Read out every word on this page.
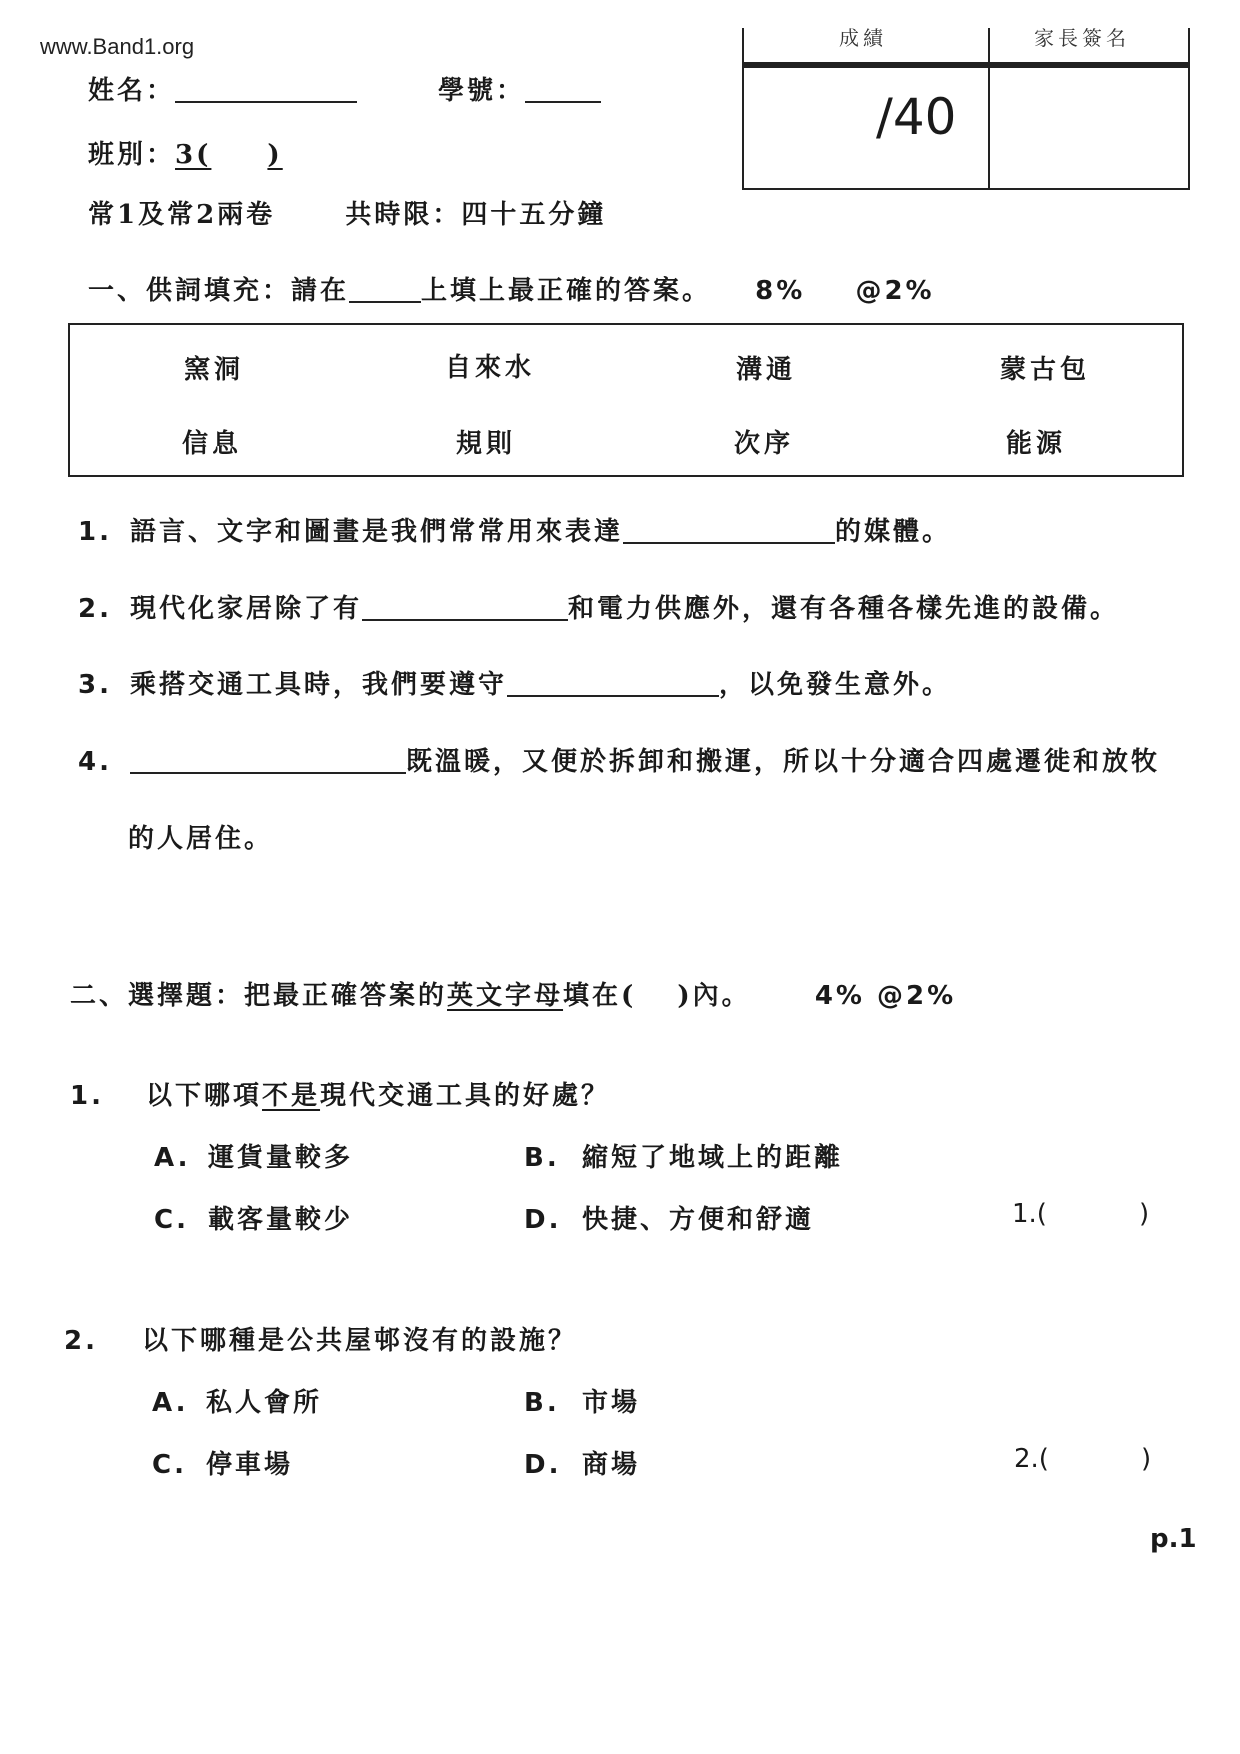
www.Band1.org
姓名：	學號：
班別：3( )
常1及常2兩卷	共時限：四十五分鐘
成績	家長簽名
/40
一、供詞填充：請在	上填上最正確的答案。 8% @2%
窯洞	自來水	溝通	蒙古包
信息	規則	次序	能源
1. 語言、文字和圖畫是我們常常用來表達	的媒體。
2. 現代化家居除了有	和電力供應外，還有各種各樣先進的設備。
3. 乘搭交通工具時，我們要遵守	，以免發生意外。
4.	既溫暖，又便於拆卸和搬運，所以十分適合四處遷徙和放牧
的人居住。
二、選擇題：把最正確答案的英文字母填在(　 )內。 4% @2%
1. 以下哪項不是現代交通工具的好處？
A. 運貨量較多	B. 縮短了地域上的距離
C. 載客量較少	D. 快捷、方便和舒適	1.(	)
2. 以下哪種是公共屋邨沒有的設施？
A. 私人會所	B. 市場
C. 停車場	D. 商場	2.(	)
p.1
